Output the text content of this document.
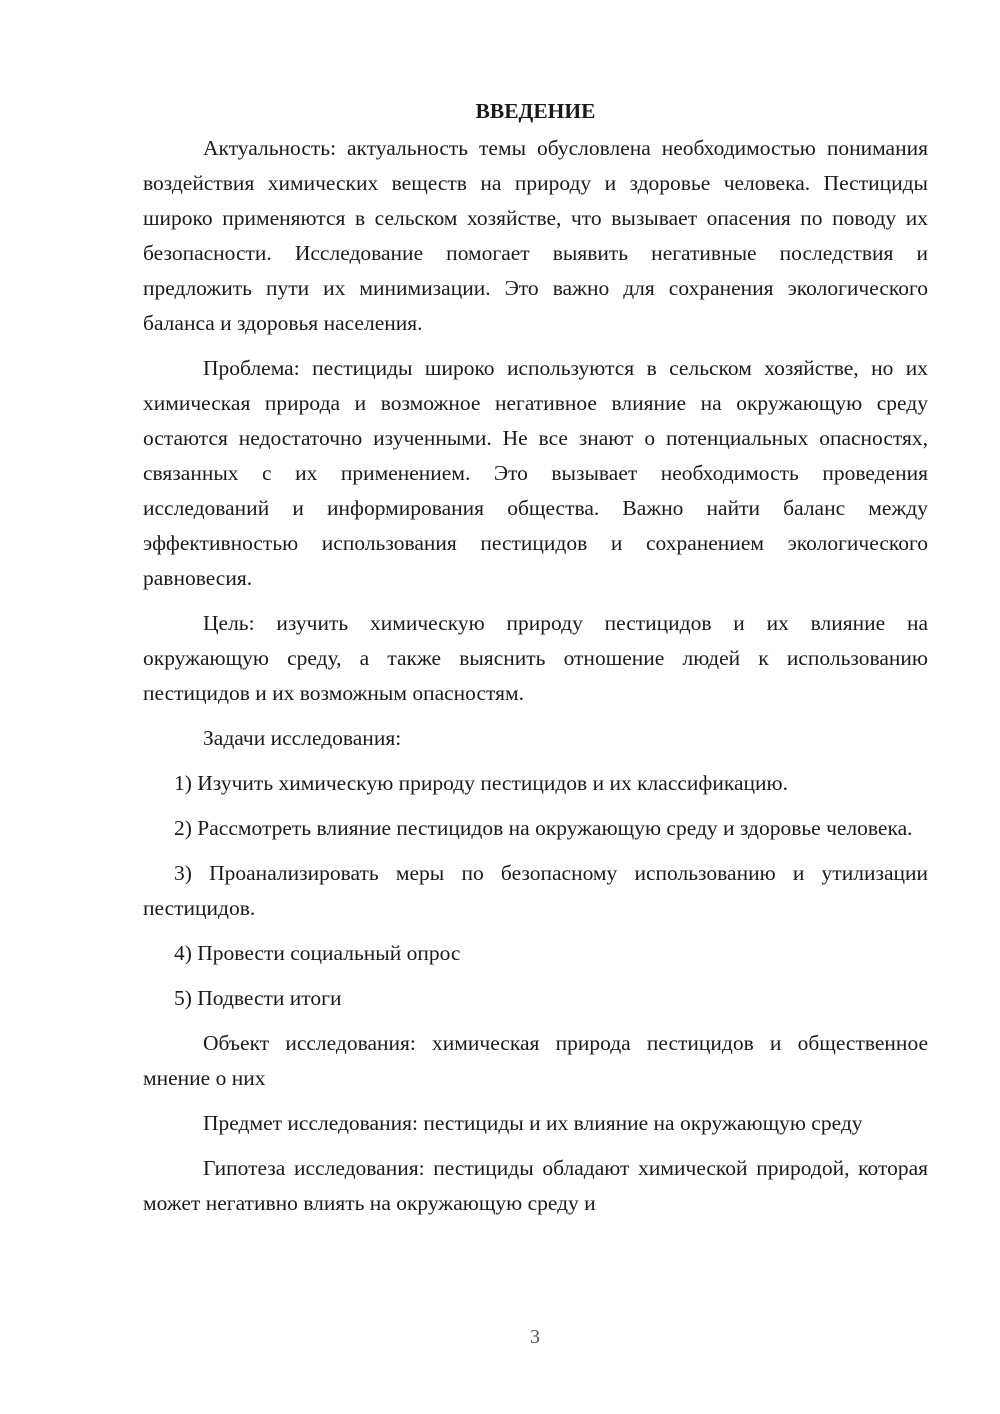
ВВЕДЕНИЕ

Актуальность: актуальность темы обусловлена необходимостью понимания воздействия химических веществ на природу и здоровье человека. Пестициды широко применяются в сельском хозяйстве, что вызывает опасения по поводу их безопасности. Исследование помогает выявить негативные последствия и предложить пути их минимизации. Это важно для сохранения экологического баланса и здоровья населения.

Проблема: пестициды широко используются в сельском хозяйстве, но их химическая природа и возможное негативное влияние на окружающую среду остаются недостаточно изученными. Не все знают о потенциальных опасностях, связанных с их применением. Это вызывает необходимость проведения исследований и информирования общества. Важно найти баланс между эффективностью использования пестицидов и сохранением экологического равновесия.

Цель: изучить химическую природу пестицидов и их влияние на окружающую среду, а также выяснить отношение людей к использованию пестицидов и их возможным опасностям.

Задачи исследования:

1) Изучить химическую природу пестицидов и их классификацию.

2) Рассмотреть влияние пестицидов на окружающую среду и здоровье человека.

3) Проанализировать меры по безопасному использованию и утилизации пестицидов.

4) Провести социальный опрос

5) Подвести итоги

Объект исследования: химическая природа пестицидов и общественное мнение о них

Предмет исследования: пестициды и их влияние на окружающую среду

Гипотеза исследования: пестициды обладают химической природой, которая может негативно влиять на окружающую среду и

3
